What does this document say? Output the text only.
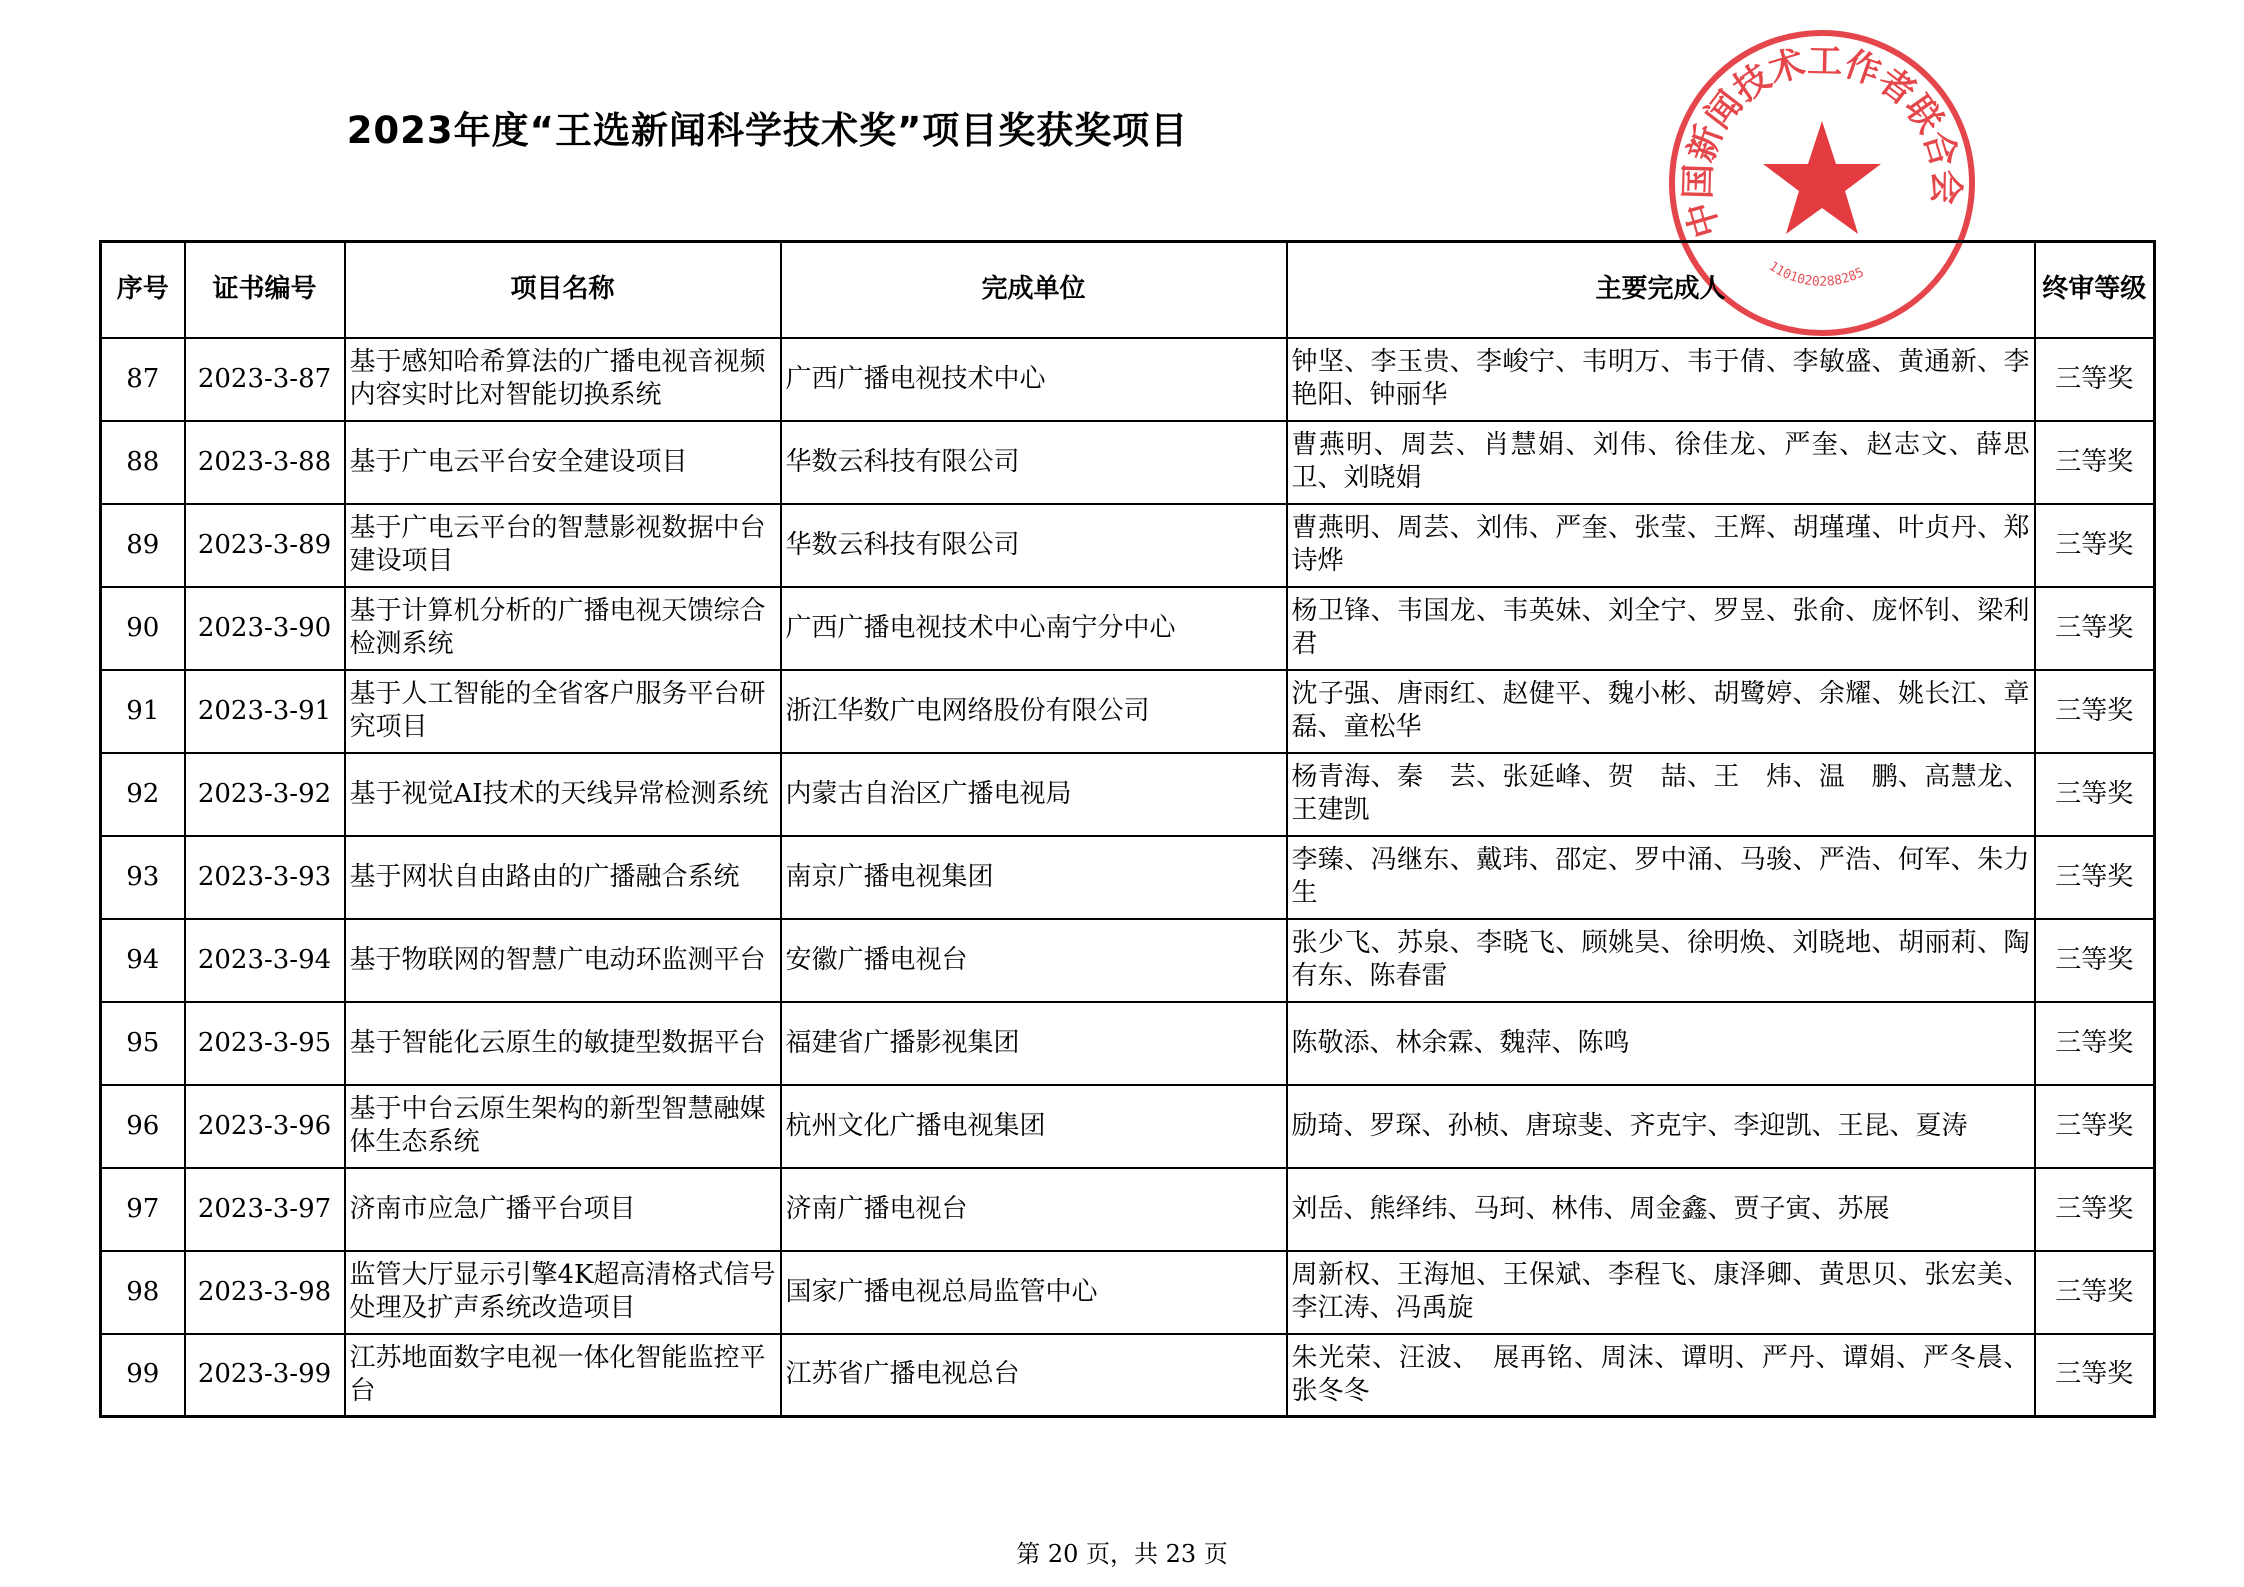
2023年度“王选新闻科学技术奖”项目奖获奖项目
中国新闻技术工作者联合会
1101020288285
序号	证书编号	项目名称	完成单位	主要完成人	终审等级
87	2023-3-87	基于感知哈希算法的广播电视音视频内容实时比对智能切换系统	广西广播电视技术中心	钟坚、李玉贵、李峻宁、韦明万、韦于倩、李敏盛、黄通新、李艳阳、钟丽华	三等奖
88	2023-3-88	基于广电云平台安全建设项目	华数云科技有限公司	曹燕明、周芸、肖慧娟、刘伟、徐佳龙、严奎、赵志文、薛思卫、刘晓娟	三等奖
89	2023-3-89	基于广电云平台的智慧影视数据中台建设项目	华数云科技有限公司	曹燕明、周芸、刘伟、严奎、张莹、王辉、胡瑾瑾、叶贞丹、郑诗烨	三等奖
90	2023-3-90	基于计算机分析的广播电视天馈综合检测系统	广西广播电视技术中心南宁分中心	杨卫锋、韦国龙、韦英妹、刘全宁、罗昱、张俞、庞怀钊、梁利君	三等奖
91	2023-3-91	基于人工智能的全省客户服务平台研究项目	浙江华数广电网络股份有限公司	沈子强、唐雨红、赵健平、魏小彬、胡鹭婷、余耀、姚长江、章磊、童松华	三等奖
92	2023-3-92	基于视觉AI技术的天线异常检测系统	内蒙古自治区广播电视局	杨青海、秦　芸、张延峰、贺　喆、王　炜、温　鹏、高慧龙、王建凯	三等奖
93	2023-3-93	基于网状自由路由的广播融合系统	南京广播电视集团	李臻、冯继东、戴玮、邵定、罗中涌、马骏、严浩、何军、朱力生	三等奖
94	2023-3-94	基于物联网的智慧广电动环监测平台	安徽广播电视台	张少飞、苏泉、李晓飞、顾姚昊、徐明焕、刘晓地、胡丽莉、陶有东、陈春雷	三等奖
95	2023-3-95	基于智能化云原生的敏捷型数据平台	福建省广播影视集团	陈敬添、林余霖、魏萍、陈鸣	三等奖
96	2023-3-96	基于中台云原生架构的新型智慧融媒体生态系统	杭州文化广播电视集团	励琦、罗琛、孙桢、唐琼斐、齐克宇、李迎凯、王昆、夏涛	三等奖
97	2023-3-97	济南市应急广播平台项目	济南广播电视台	刘岳、熊绎纬、马珂、林伟、周金鑫、贾子寅、苏展	三等奖
98	2023-3-98	监管大厅显示引擎4K超高清格式信号处理及扩声系统改造项目	国家广播电视总局监管中心	周新权、王海旭、王保斌、李程飞、康泽卿、黄思贝、张宏美、李江涛、冯禹旋	三等奖
99	2023-3-99	江苏地面数字电视一体化智能监控平台	江苏省广播电视总台	朱光荣、汪波、　展再铭、周沫、谭明、严丹、谭娟、严冬晨、张冬冬	三等奖
第 20 页，共 23 页
